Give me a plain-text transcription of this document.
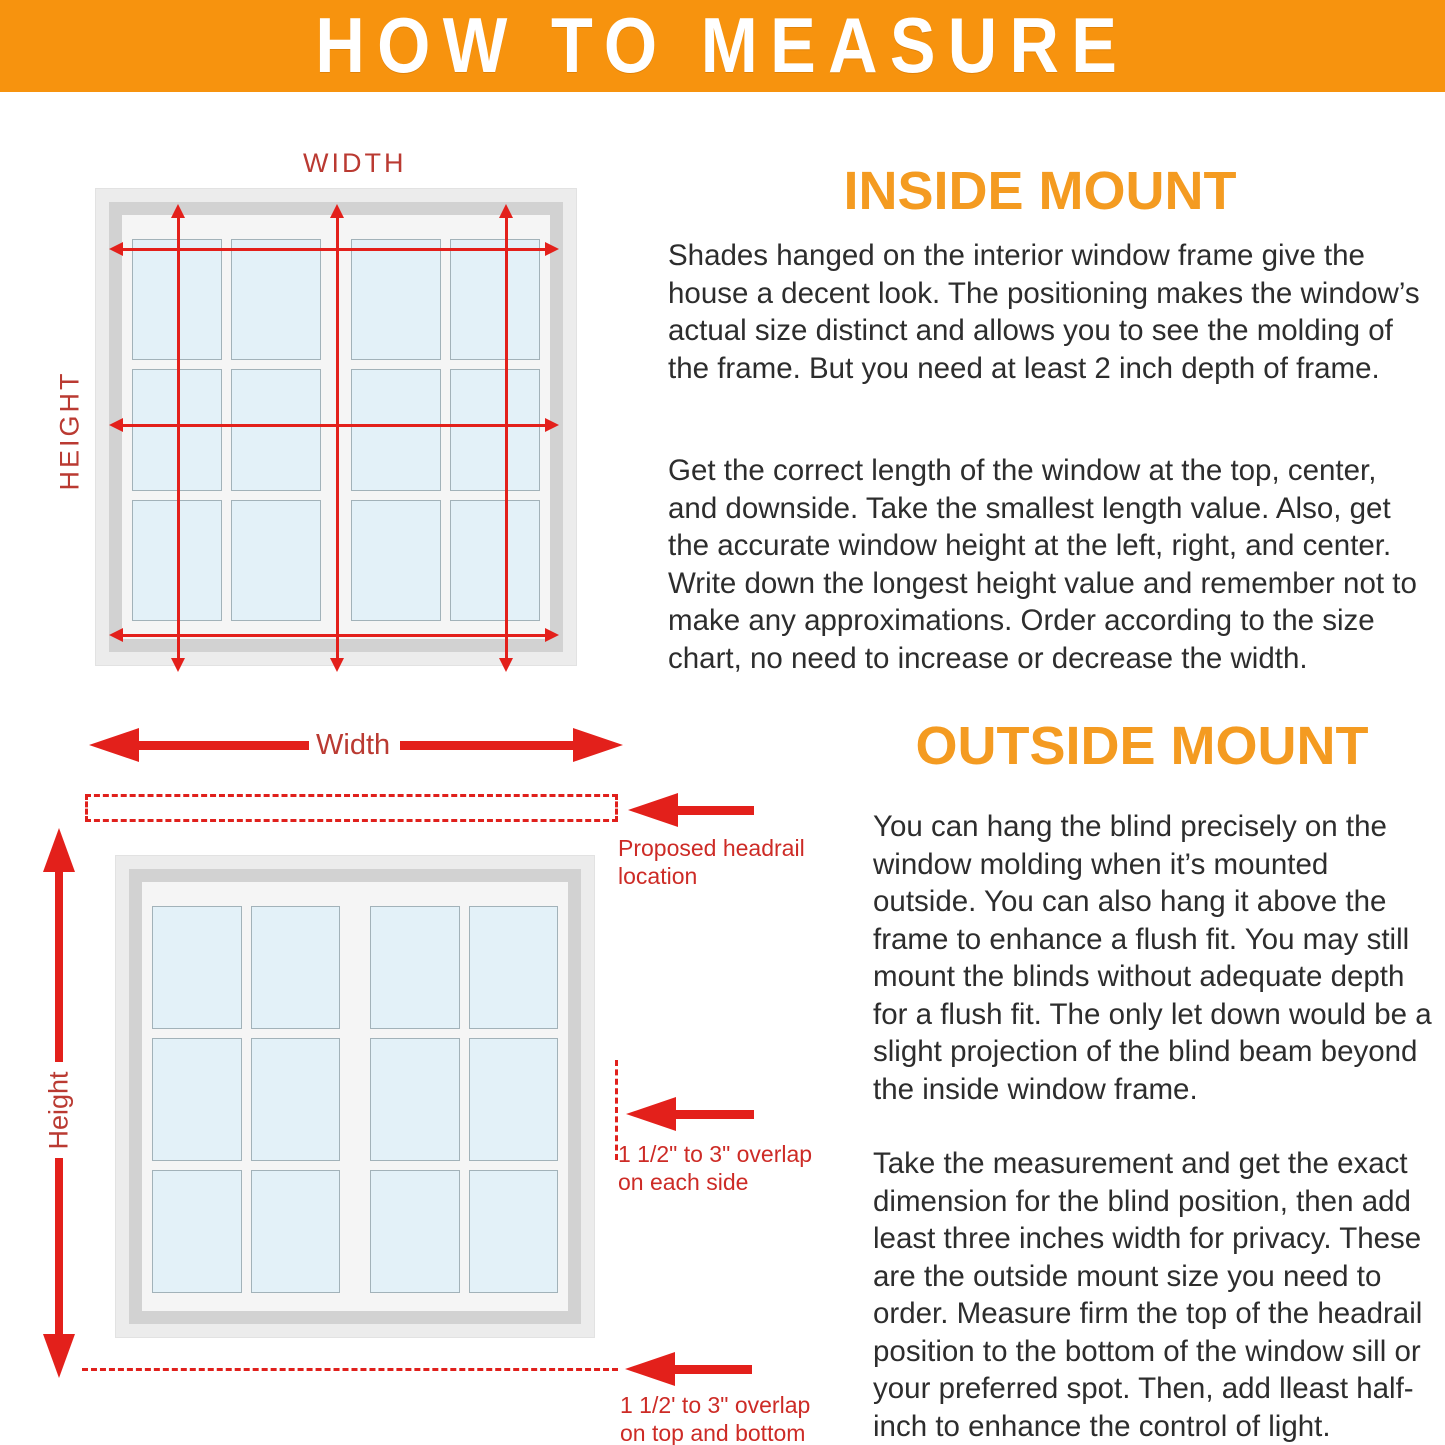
HOW TO MEASURE
WIDTH
HEIGHT
INSIDE MOUNT
Shades hanged on the interior window frame give the house a decent look. The positioning makes the window’s actual size distinct and allows you to see the molding of the frame. But you need at least 2 inch depth of frame.
Get the correct length of the window at the top, center, and downside. Take the smallest length value. Also, get the accurate window height at the left, right, and center. Write down the longest height value and remember not to make any approximations. Order according to the size chart, no need to increase or decrease the width.
OUTSIDE MOUNT
You can hang the blind precisely on the window molding when it’s mounted outside. You can also hang it above the frame to enhance a flush fit. You may still mount the blinds without adequate depth for a flush fit. The only let down would be a slight projection of the blind beam beyond the inside window frame.
Take the measurement and get the exact dimension for the blind position, then add least three inches width for privacy. These are the outside mount size you need to order. Measure firm the top of the headrail position to the bottom of the window sill or your preferred spot. Then, add lleast half-inch to enhance the control of light.
Width
Proposed headrail location
Height
1 1/2" to 3" overlap on each side
1 1/2' to 3" overlap on top and bottom
